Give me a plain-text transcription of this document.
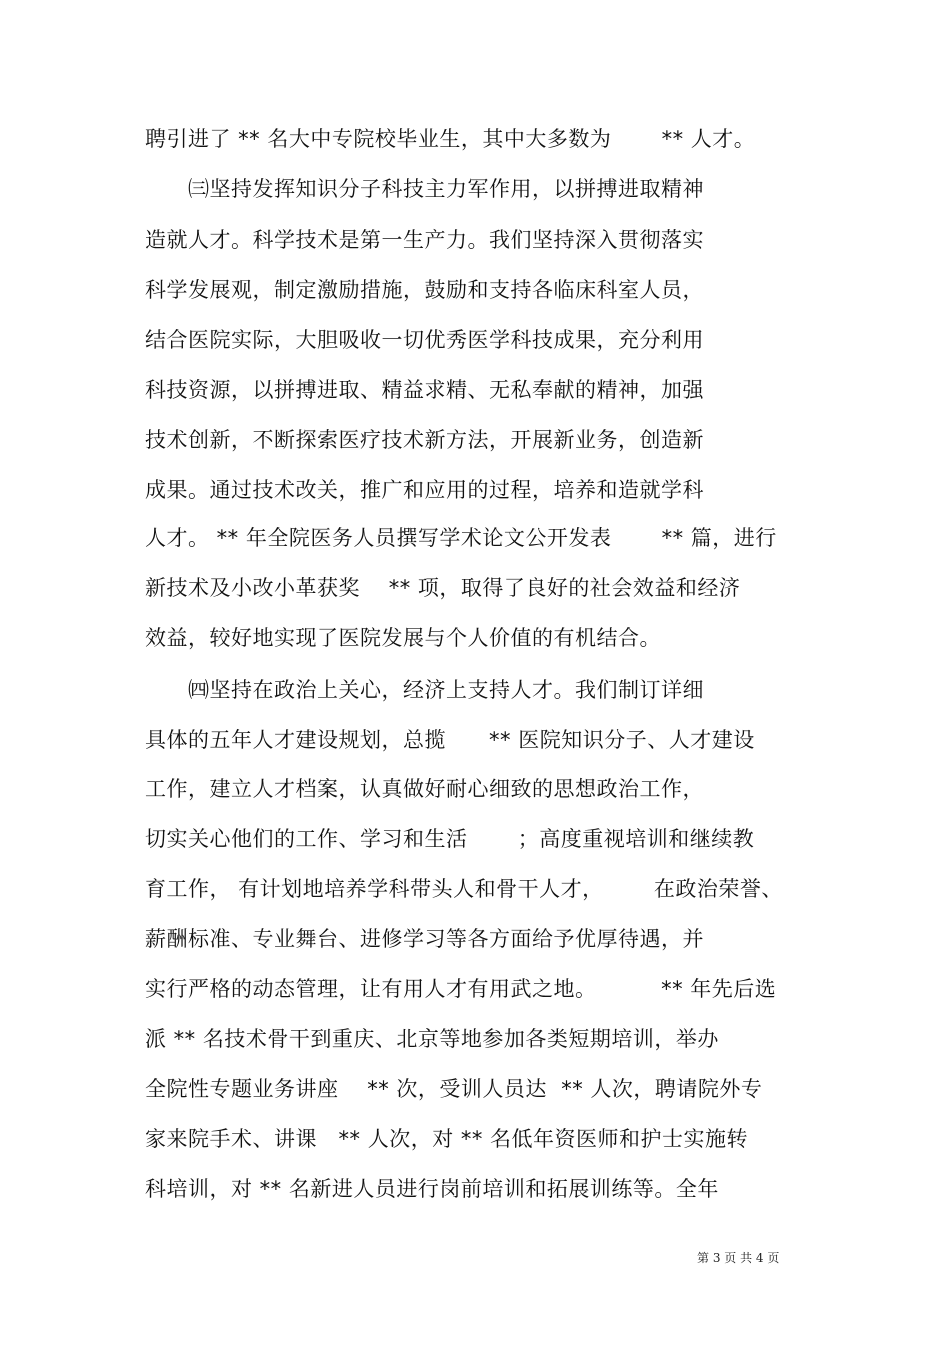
聘引进了 ** 名大中专院校毕业生，其中大多数为       ** 人才。
㈢坚持发挥知识分子科技主力军作用，以拼搏进取精神
造就人才。科学技术是第一生产力。我们坚持深入贯彻落实
科学发展观，制定激励措施，鼓励和支持各临床科室人员，
结合医院实际，大胆吸收一切优秀医学科技成果，充分利用
科技资源，以拼搏进取、精益求精、无私奉献的精神，加强
技术创新，不断探索医疗技术新方法，开展新业务，创造新
成果。通过技术改关，推广和应用的过程，培养和造就学科
人才。 ** 年全院医务人员撰写学术论文公开发表       ** 篇，进行
新技术及小改小革获奖    ** 项，取得了良好的社会效益和经济
效益，较好地实现了医院发展与个人价值的有机结合。
㈣坚持在政治上关心，经济上支持人才。我们制订详细
具体的五年人才建设规划，总揽      ** 医院知识分子、人才建设
工作，建立人才档案，认真做好耐心细致的思想政治工作，
切实关心他们的工作、学习和生活       ；高度重视培训和继续教
育工作， 有计划地培养学科带头人和骨干人才，       在政治荣誉、
薪酬标准、专业舞台、进修学习等各方面给予优厚待遇，并
实行严格的动态管理，让有用人才有用武之地。         ** 年先后选
派 ** 名技术骨干到重庆、北京等地参加各类短期培训，举办
全院性专题业务讲座    ** 次，受训人员达  ** 人次，聘请院外专
家来院手术、讲课   ** 人次，对 ** 名低年资医师和护士实施转
科培训，对 ** 名新进人员进行岗前培训和拓展训练等。全年
第 3 页 共 4 页
